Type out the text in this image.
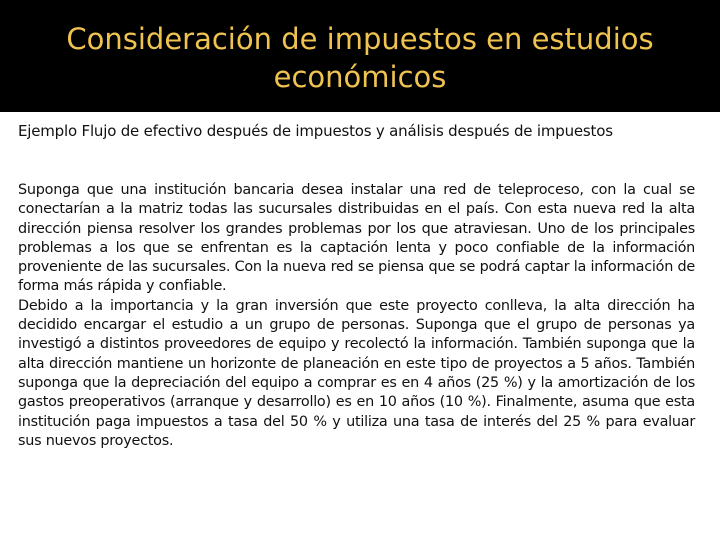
Consideración de impuestos en estudios económicos
Ejemplo Flujo de efectivo después de impuestos y análisis después de impuestos

Suponga que una institución bancaria desea instalar una red de teleproceso, con la cual se conectarían a la matriz todas las sucursales distribuidas en el país. Con esta nueva red la alta dirección piensa resolver los grandes problemas por los que atraviesan. Uno de los principales problemas a los que se enfrentan es la captación lenta y poco confiable de la información proveniente de las sucursales. Con la nueva red se piensa que se podrá captar la información de forma más rápida y confiable.

Debido a la importancia y la gran inversión que este proyecto conlleva, la alta dirección ha decidido encargar el estudio a un grupo de personas. Suponga que el grupo de personas ya investigó a distintos proveedores de equipo y recolectó la información. También suponga que la alta dirección mantiene un horizonte de planeación en este tipo de proyectos a 5 años. También suponga que la depreciación del equipo a comprar es en 4 años (25 %) y la amortización de los gastos preoperativos (arranque y desarrollo) es en 10 años (10 %). Finalmente, asuma que esta institución paga impuestos a tasa del 50 % y utiliza una tasa de interés del 25 % para evaluar sus nuevos proyectos.
